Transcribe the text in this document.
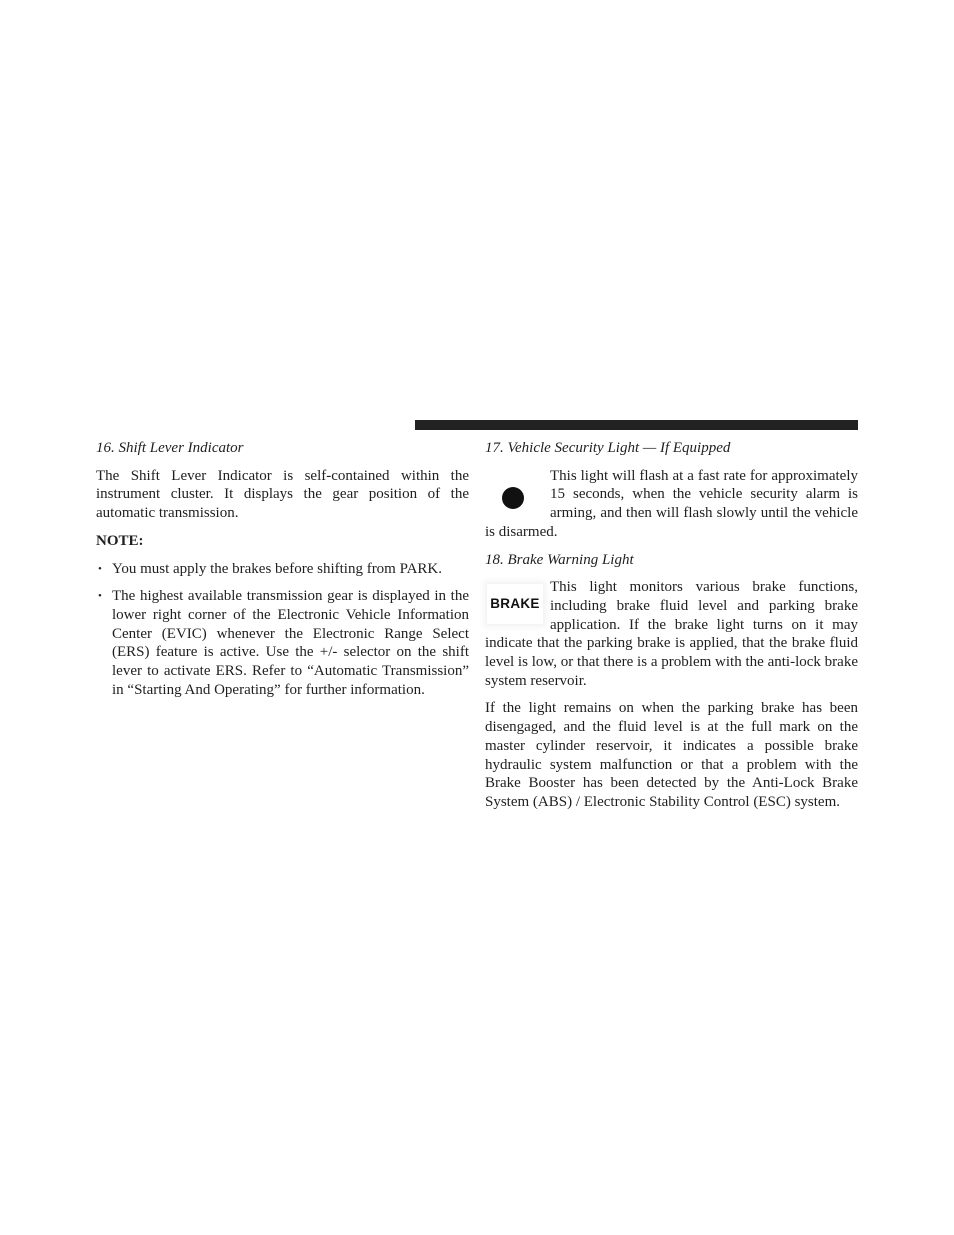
16. Shift Lever Indicator

The Shift Lever Indicator is self-contained within the instrument cluster. It displays the gear position of the automatic transmission.

NOTE:

• You must apply the brakes before shifting from PARK.
• The highest available transmission gear is displayed in the lower right corner of the Electronic Vehicle Information Center (EVIC) whenever the Electronic Range Select (ERS) feature is active. Use the +/- selector on the shift lever to activate ERS. Refer to “Automatic Transmission” in “Starting And Operating” for further information.
17. Vehicle Security Light — If Equipped

This light will flash at a fast rate for approximately 15 seconds, when the vehicle security alarm is arming, and then will flash slowly until the vehicle is disarmed.

18. Brake Warning Light
BRAKE

This light monitors various brake functions, including brake fluid level and parking brake application. If the brake light turns on it may indicate that the parking brake is applied, that the brake fluid level is low, or that there is a problem with the anti-lock brake system reservoir.

If the light remains on when the parking brake has been disengaged, and the fluid level is at the full mark on the master cylinder reservoir, it indicates a possible brake hydraulic system malfunction or that a problem with the Brake Booster has been detected by the Anti-Lock Brake System (ABS) / Electronic Stability Control (ESC) system.
